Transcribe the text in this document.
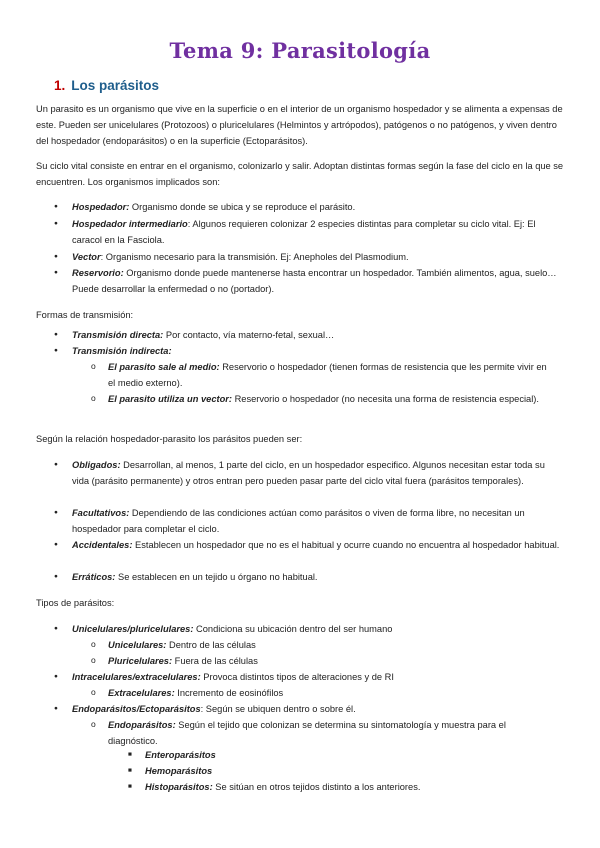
Tema 9: Parasitología
1. Los parásitos

Un parasito es un organismo que vive en la superficie o en el interior de un organismo hospedador y se alimenta a expensas de este. Pueden ser unicelulares (Protozoos) o pluricelulares (Helmintos y artrópodos), patógenos o no patógenos, y viven dentro del hospedador (endoparásitos) o en la superficie (Ectoparásitos).

Su ciclo vital consiste en entrar en el organismo, colonizarlo y salir. Adoptan distintas formas según la fase del ciclo en la que se encuentren. Los organismos implicados son:

● Hospedador: Organismo donde se ubica y se reproduce el parásito.
● Hospedador intermediario: Algunos requieren colonizar 2 especies distintas para completar su ciclo vital. Ej: El caracol en la Fasciola.
● Vector: Organismo necesario para la transmisión. Ej: Anepholes del Plasmodium.
● Reservorio: Organismo donde puede mantenerse hasta encontrar un hospedador. También alimentos, agua, suelo… Puede desarrollar la enfermedad o no (portador).

Formas de transmisión:

● Transmisión directa: Por contacto, vía materno-fetal, sexual…
● Transmisión indirecta:
o El parasito sale al medio: Reservorio o hospedador (tienen formas de resistencia que les permite vivir en el medio externo).
o El parasito utiliza un vector: Reservorio o hospedador (no necesita una forma de resistencia especial).

Según la relación hospedador-parasito los parásitos pueden ser:

● Obligados: Desarrollan, al menos, 1 parte del ciclo, en un hospedador especifico. Algunos necesitan estar toda su vida (parásito permanente) y otros entran pero pueden pasar parte del ciclo vital fuera (parásitos temporales).
● Facultativos: Dependiendo de las condiciones actúan como parásitos o viven de forma libre, no necesitan un hospedador para completar el ciclo.
● Accidentales: Establecen un hospedador que no es el habitual y ocurre cuando no encuentra al hospedador habitual.
● Erráticos: Se establecen en un tejido u órgano no habitual.

Tipos de parásitos:

● Unicelulares/pluricelulares: Condiciona su ubicación dentro del ser humano
o Unicelulares: Dentro de las células
o Pluricelulares: Fuera de las células
● Intracelulares/extracelulares: Provoca distintos tipos de alteraciones y de RI
o Extracelulares: Incremento de eosinófilos
● Endoparásitos/Ectoparásitos: Según se ubiquen dentro o sobre él.
o Endoparásitos: Según el tejido que colonizan se determina su sintomatología y muestra para el diagnóstico.
■ Enteroparásitos
■ Hemoparásitos
■ Histoparásitos: Se sitúan en otros tejidos distinto a los anteriores.
